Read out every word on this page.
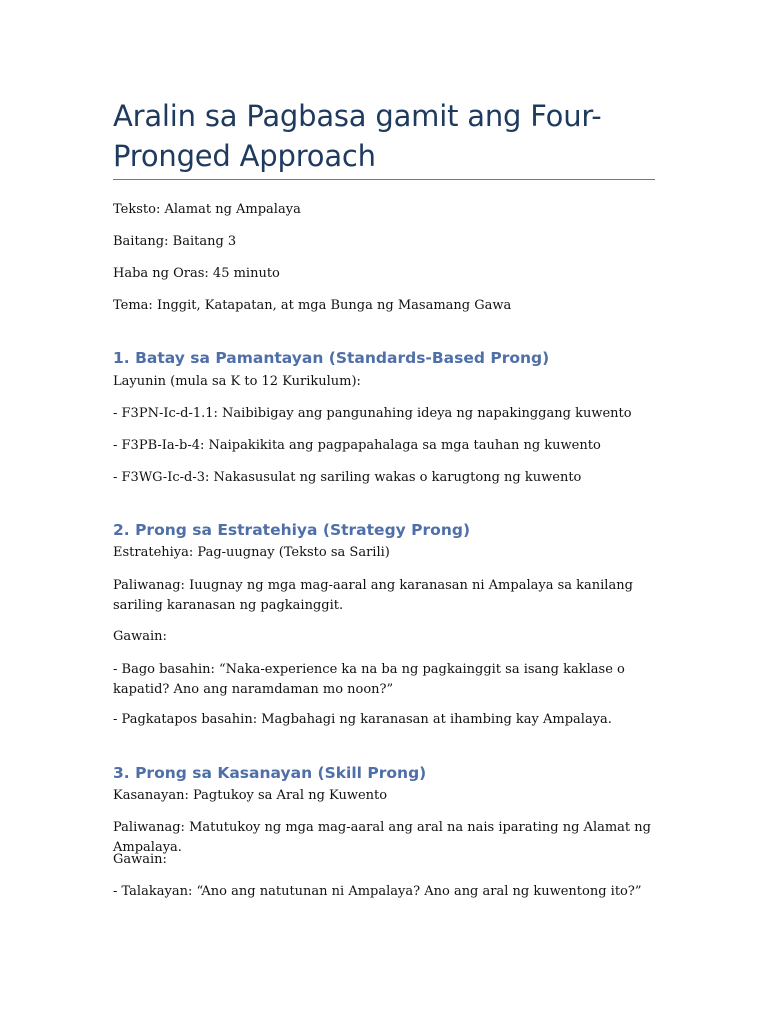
Aralin sa Pagbasa gamit ang Four-Pronged Approach

Teksto: Alamat ng Ampalaya

Baitang: Baitang 3

Haba ng Oras: 45 minuto

Tema: Inggit, Katapatan, at mga Bunga ng Masamang Gawa

1. Batay sa Pamantayan (Standards-Based Prong)

Layunin (mula sa K to 12 Kurikulum):

- F3PN-Ic-d-1.1: Naibibigay ang pangunahing ideya ng napakinggang kuwento

- F3PB-Ia-b-4: Naipakikita ang pagpapahalaga sa mga tauhan ng kuwento

- F3WG-Ic-d-3: Nakasusulat ng sariling wakas o karugtong ng kuwento

2. Prong sa Estratehiya (Strategy Prong)

Estratehiya: Pag-uugnay (Teksto sa Sarili)

Paliwanag: Iuugnay ng mga mag-aaral ang karanasan ni Ampalaya sa kanilang sariling karanasan ng pagkainggit.

Gawain:

- Bago basahin: “Naka-experience ka na ba ng pagkainggit sa isang kaklase o kapatid? Ano ang naramdaman mo noon?”

- Pagkatapos basahin: Magbahagi ng karanasan at ihambing kay Ampalaya.

3. Prong sa Kasanayan (Skill Prong)

Kasanayan: Pagtukoy sa Aral ng Kuwento

Paliwanag: Matutukoy ng mga mag-aaral ang aral na nais iparating ng Alamat ng Ampalaya.

Gawain:

- Talakayan: “Ano ang natutunan ni Ampalaya? Ano ang aral ng kuwentong ito?”
